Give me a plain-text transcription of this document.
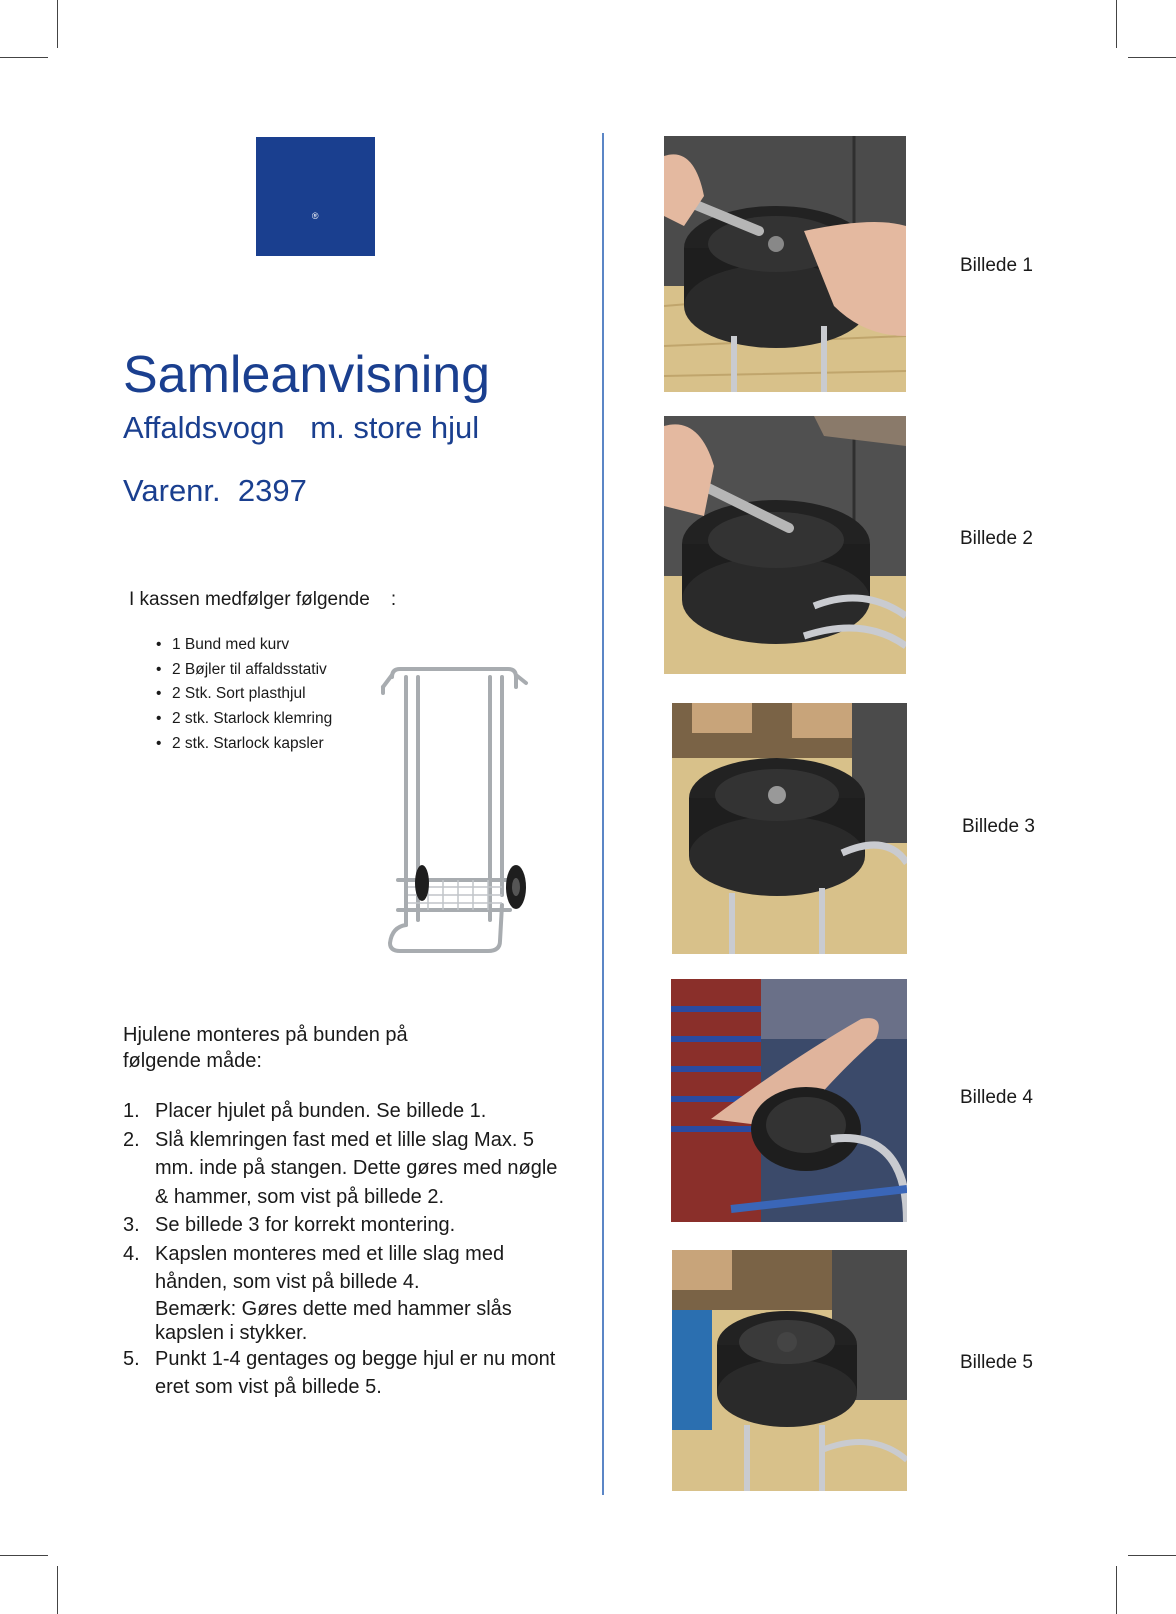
ABENA
®
Samleanvisning
Affaldsvogn   m. store hjul
Varenr.  2397
I kassen medfølger følgende    :
• 1 Bund med kurv
• 2 Bøjler til affaldsstativ
• 2 Stk. Sort plasthjul
• 2 stk. Starlock klemring
• 2 stk. Starlock kapsler
Hjulene monteres på bunden på følgende måde:
1. Placer hjulet på bunden. Se billede 1.
2. Slå klemringen fast med et lille slag Max. 5 mm. inde på stangen. Dette gøres med nøgle & hammer, som vist på billede 2.
3. Se billede 3 for korrekt montering.
4. Kapslen monteres med et lille slag med hånden, som vist på billede 4.
Bemærk: Gøres dette med hammer slås kapslen i stykker.
5. Punkt 1-4 gentages og begge hjul er nu mont eret som vist på billede 5.
Billede 1
Billede 2
Billede 3
Billede 4
Billede 5
